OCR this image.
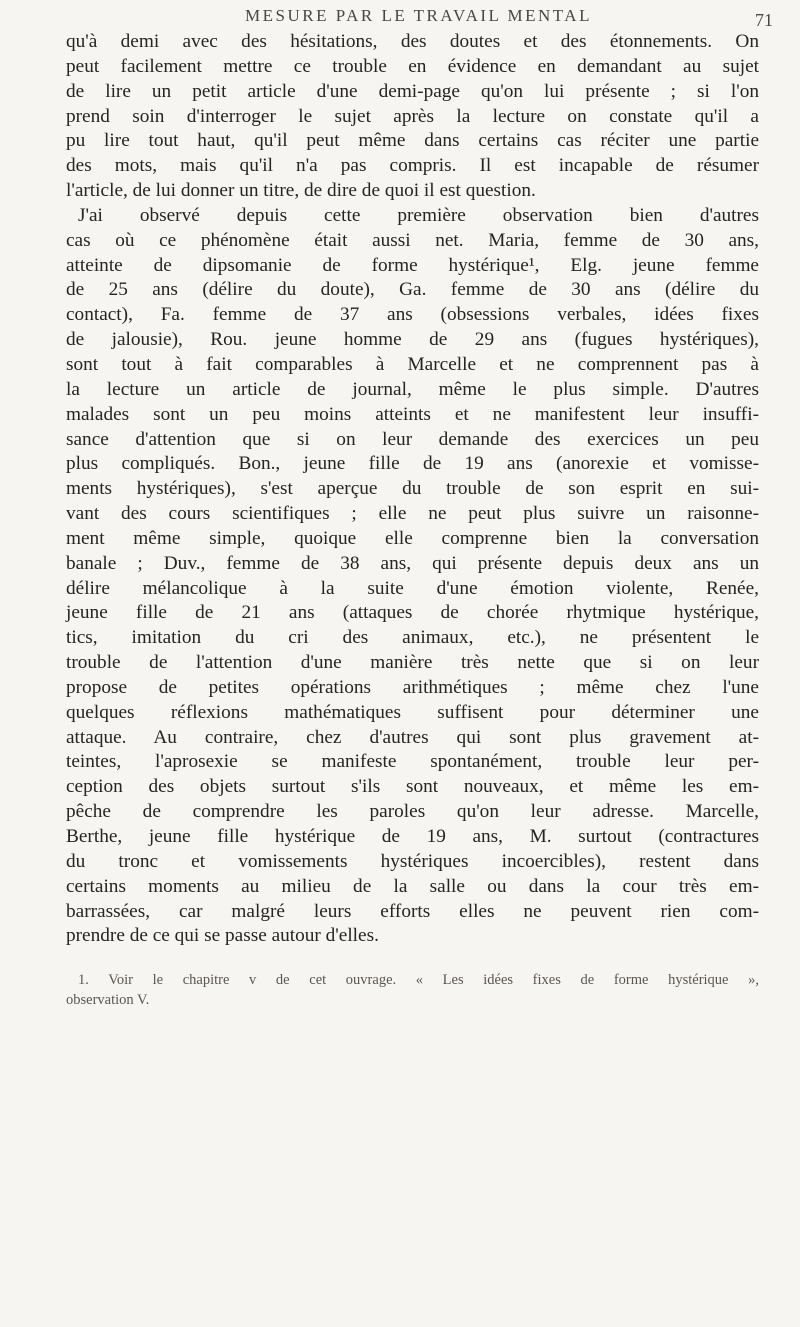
MESURE PAR LE TRAVAIL MENTAL	71
qu'à demi avec des hésitations, des doutes et des étonnements. On
peut facilement mettre ce trouble en évidence en demandant au sujet
de lire un petit article d'une demi-page qu'on lui présente ; si l'on
prend soin d'interroger le sujet après la lecture on constate qu'il a
pu lire tout haut, qu'il peut même dans certains cas réciter une partie
des mots, mais qu'il n'a pas compris. Il est incapable de résumer
l'article, de lui donner un titre, de dire de quoi il est question.
J'ai observé depuis cette première observation bien d'autres
cas où ce phénomène était aussi net. Maria, femme de 30 ans,
atteinte de dipsomanie de forme hystérique¹, Elg. jeune femme
de 25 ans (délire du doute), Ga. femme de 30 ans (délire du
contact), Fa. femme de 37 ans (obsessions verbales, idées fixes
de jalousie), Rou. jeune homme de 29 ans (fugues hystériques),
sont tout à fait comparables à Marcelle et ne comprennent pas à
la lecture un article de journal, même le plus simple. D'autres
malades sont un peu moins atteints et ne manifestent leur insuffi-
sance d'attention que si on leur demande des exercices un peu
plus compliqués. Bon., jeune fille de 19 ans (anorexie et vomisse-
ments hystériques), s'est aperçue du trouble de son esprit en sui-
vant des cours scientifiques ; elle ne peut plus suivre un raisonne-
ment même simple, quoique elle comprenne bien la conversation
banale ; Duv., femme de 38 ans, qui présente depuis deux ans un
délire mélancolique à la suite d'une émotion violente, Renée,
jeune fille de 21 ans (attaques de chorée rhytmique hystérique,
tics, imitation du cri des animaux, etc.), ne présentent le
trouble de l'attention d'une manière très nette que si on leur
propose de petites opérations arithmétiques ; même chez l'une
quelques réflexions mathématiques suffisent pour déterminer une
attaque. Au contraire, chez d'autres qui sont plus gravement at-
teintes, l'aprosexie se manifeste spontanément, trouble leur per-
ception des objets surtout s'ils sont nouveaux, et même les em-
pêche de comprendre les paroles qu'on leur adresse. Marcelle,
Berthe, jeune fille hystérique de 19 ans, M. surtout (contractures
du tronc et vomissements hystériques incoercibles), restent dans
certains moments au milieu de la salle ou dans la cour très em-
barrassées, car malgré leurs efforts elles ne peuvent rien com-
prendre de ce qui se passe autour d'elles.
1. Voir le chapitre v de cet ouvrage. « Les idées fixes de forme hystérique »,
observation V.
